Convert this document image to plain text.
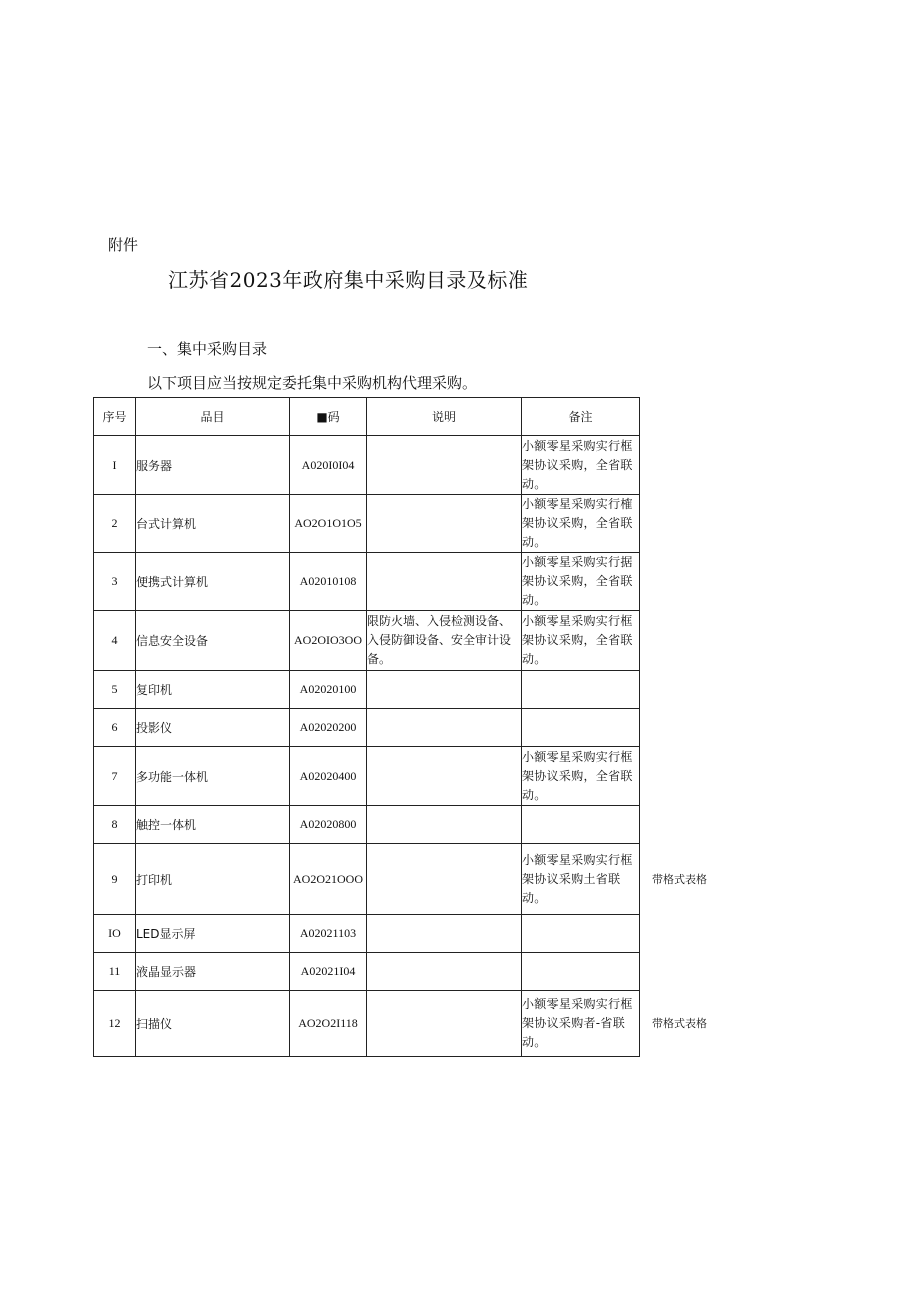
附件
江苏省2023年政府集中采购目录及标准
一、集中采购目录
以下项目应当按规定委托集中采购机构代理采购。
序号	品目	■码	说明	备注
I	服务器	A020I0I04		小额零星采购实行框架协议采购，全省联动。
2	台式计算机	AO2O1O1O5		小额零星采购实行榷架协议采购，全省联动。
3	便携式计算机	A02010108		小额零星采购实行据架协议采购，全省联动。
4	信息安全设备	AO2OIO3OO	限防火墙、入侵检测设备、入侵防御设备、安全审计设备。	小额零星采购实行框架协议采购，全省联动。
5	复印机	A02020100		
6	投影仪	A02020200		
7	多功能一体机	A02020400		小额零星采购实行框架协议采购，全省联动。
8	触控一体机	A02020800		
9	打印机	AO2O21OOO		小额零星采购实行框架协议采购土省联动。
IO	LED显示屏	A02021103		
11	液晶显示器	A02021I04		
12	扫描仪	AO2O2I118		小额零星采购实行框架协议采购者-省联动。
带格式表格
带格式表格
